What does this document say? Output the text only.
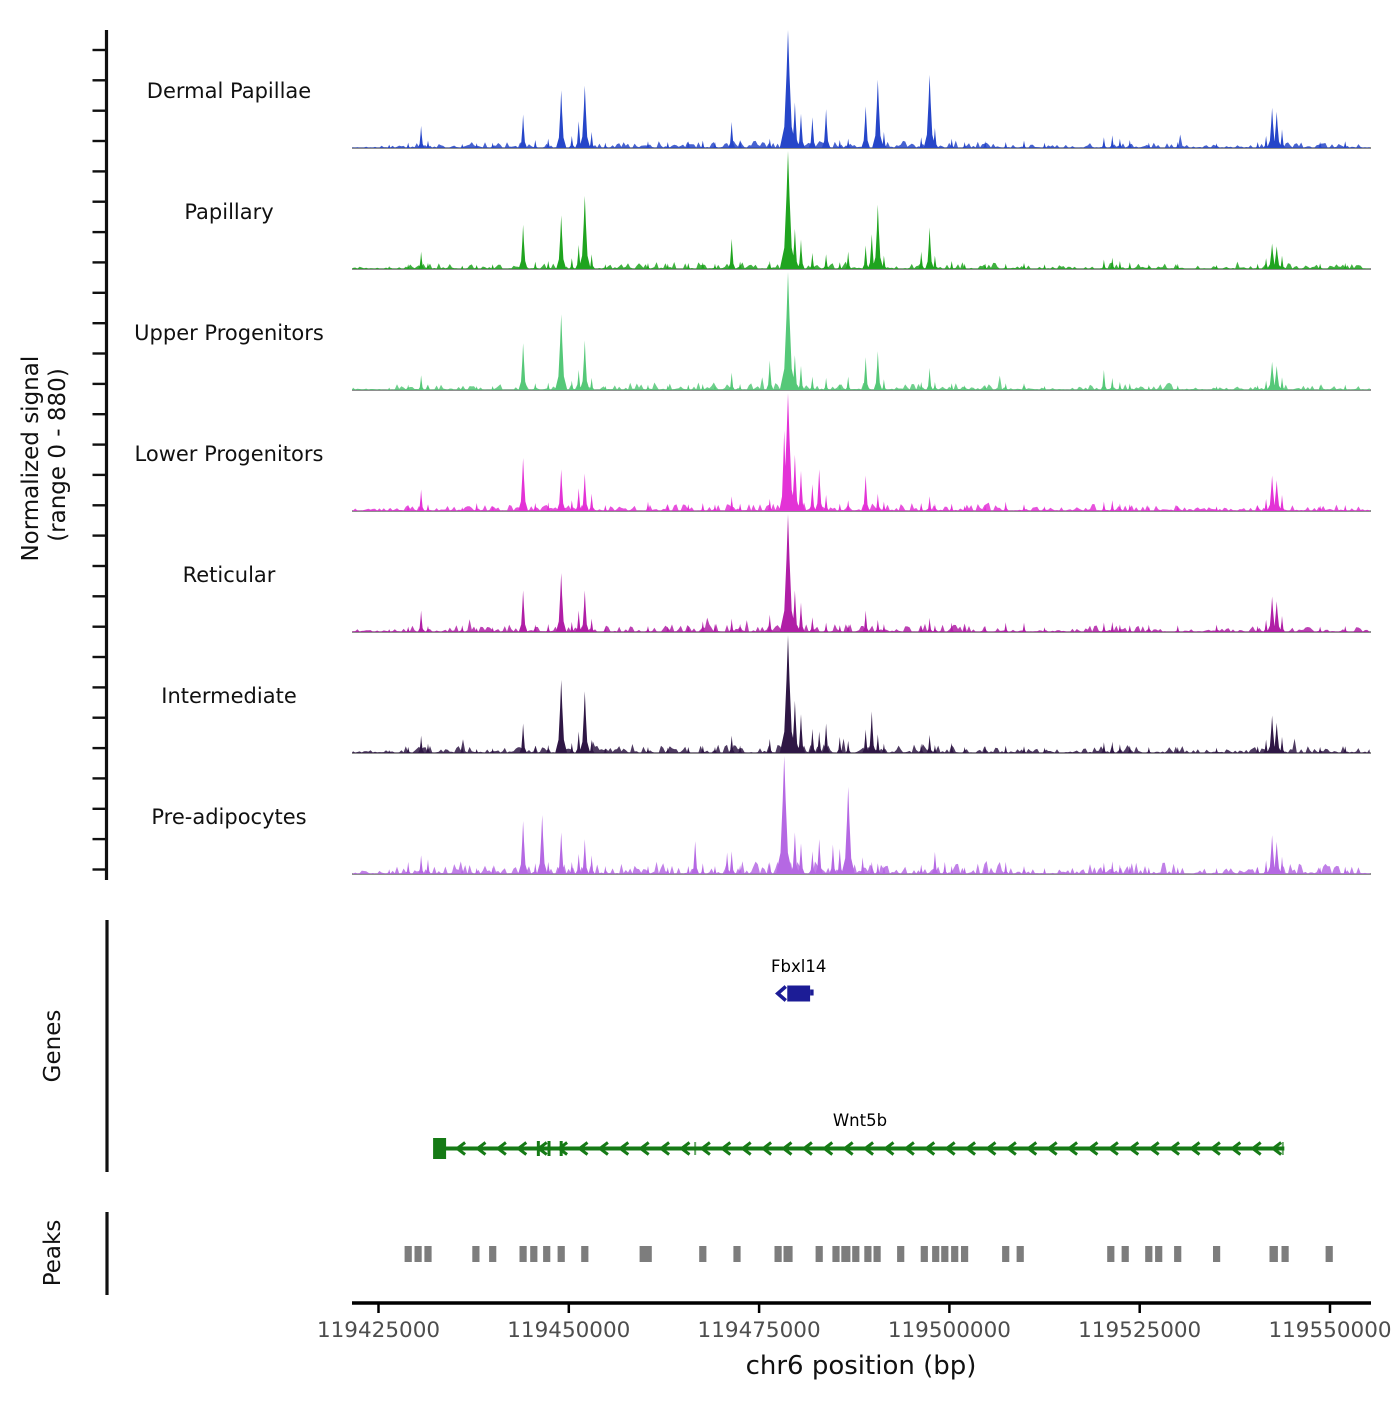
Normalized signal (range 0 - 880)
Dermal Papillae
Papillary
Upper Progenitors
Lower Progenitors
Reticular
Intermediate
Pre-adipocytes
Genes
Fbxl14
Wnt5b
Peaks
119425000	119450000	119475000	119500000	119525000	119550000
chr6 position (bp)
